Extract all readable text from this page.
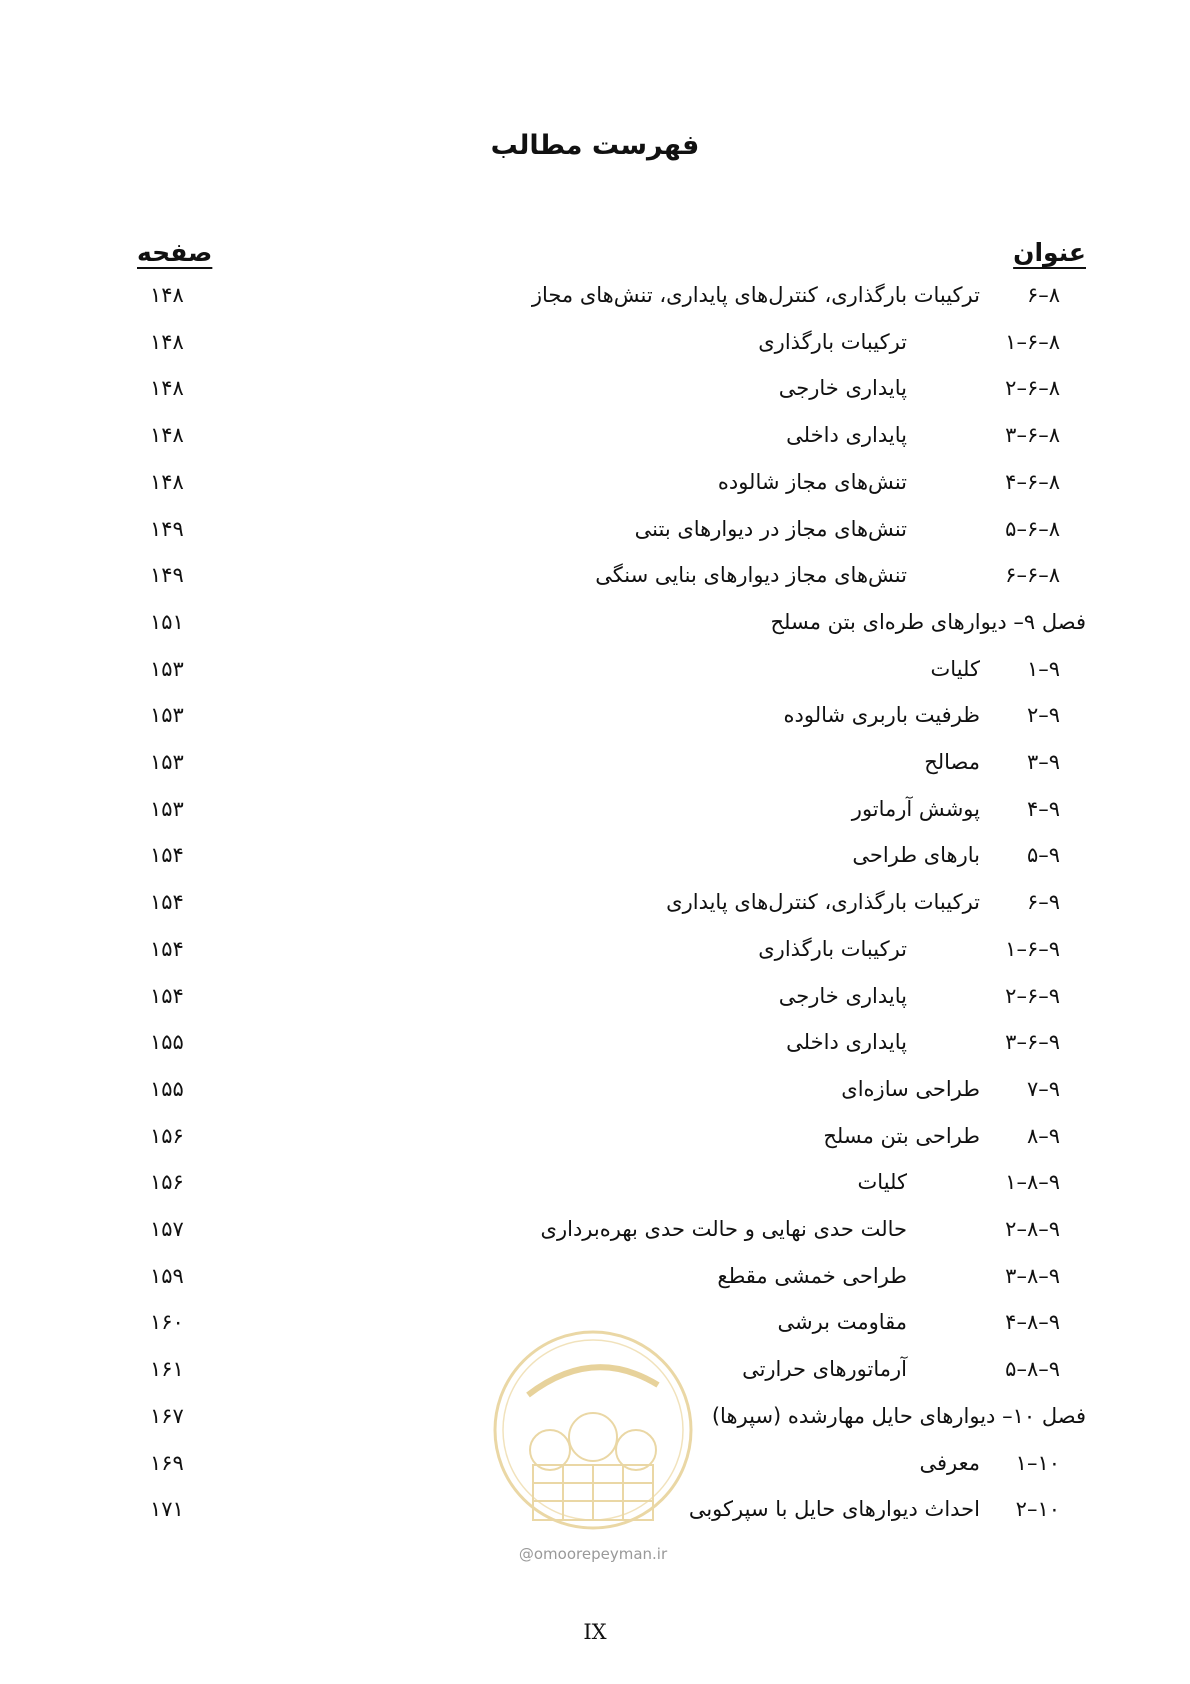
فهرست مطالب
عنوان
صفحه
۸–۶
ترکیبات بارگذاری، کنترل‌های پایداری، تنش‌های مجاز
۱۴۸
۸–۶–۱
ترکیبات بارگذاری
۱۴۸
۸–۶–۲
پایداری خارجی
۱۴۸
۸–۶–۳
پایداری داخلی
۱۴۸
۸–۶–۴
تنش‌های مجاز شالوده
۱۴۸
۸–۶–۵
تنش‌های مجاز در دیوارهای بتنی
۱۴۹
۸–۶–۶
تنش‌های مجاز دیوارهای بنایی سنگی
۱۴۹
فصل ۹– دیوارهای طره‌ای بتن مسلح
۱۵۱
۹–۱
کلیات
۱۵۳
۹–۲
ظرفیت باربری شالوده
۱۵۳
۹–۳
مصالح
۱۵۳
۹–۴
پوشش آرماتور
۱۵۳
۹–۵
بارهای طراحی
۱۵۴
۹–۶
ترکیبات بارگذاری، کنترل‌های پایداری
۱۵۴
۹–۶–۱
ترکیبات بارگذاری
۱۵۴
۹–۶–۲
پایداری خارجی
۱۵۴
۹–۶–۳
پایداری داخلی
۱۵۵
۹–۷
طراحی سازه‌ای
۱۵۵
۹–۸
طراحی بتن مسلح
۱۵۶
۹–۸–۱
کلیات
۱۵۶
۹–۸–۲
حالت حدی نهایی و حالت حدی بهره‌برداری
۱۵۷
۹–۸–۳
طراحی خمشی مقطع
۱۵۹
۹–۸–۴
مقاومت برشی
۱۶۰
۹–۸–۵
آرماتورهای حرارتی
۱۶۱
فصل ۱۰– دیوارهای حایل مهارشده (سپرها)
۱۶۷
۱۰–۱
معرفی
۱۶۹
۱۰–۲
احداث دیوارهای حایل با سپرکوبی
۱۷۱
@omoorepeyman.ir
IX
